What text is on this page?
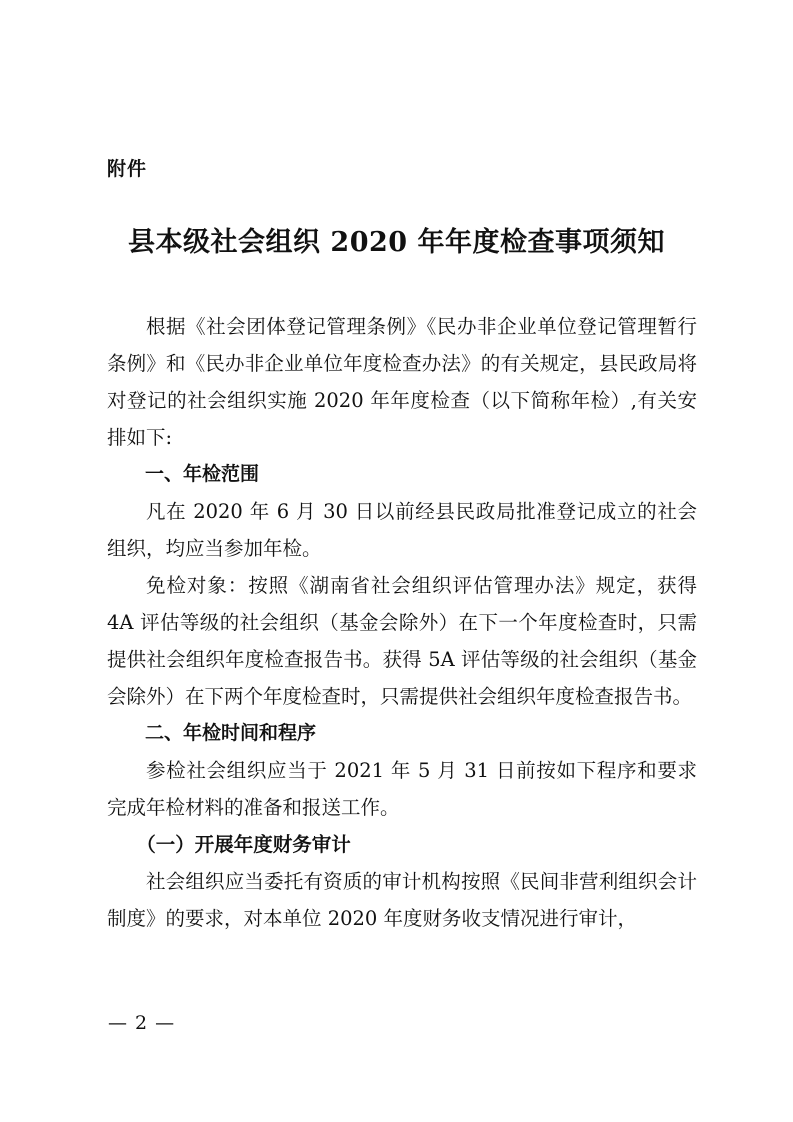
附件
县本级社会组织 2020 年年度检查事项须知

根据《社会团体登记管理条例》《民办非企业单位登记管理暂行条例》和《民办非企业单位年度检查办法》的有关规定，县民政局将对登记的社会组织实施 2020 年年度检查（以下简称年检）,有关安排如下:

一、年检范围

凡在 2020 年 6 月 30 日以前经县民政局批准登记成立的社会组织，均应当参加年检。

免检对象：按照《湖南省社会组织评估管理办法》规定，获得 4A 评估等级的社会组织（基金会除外）在下一个年度检查时，只需提供社会组织年度检查报告书。获得 5A 评估等级的社会组织（基金会除外）在下两个年度检查时，只需提供社会组织年度检查报告书。

二、年检时间和程序

参检社会组织应当于 2021 年 5 月 31 日前按如下程序和要求完成年检材料的准备和报送工作。

（一）开展年度财务审计

社会组织应当委托有资质的审计机构按照《民间非营利组织会计制度》的要求，对本单位 2020 年度财务收支情况进行审计，

— 2 —
